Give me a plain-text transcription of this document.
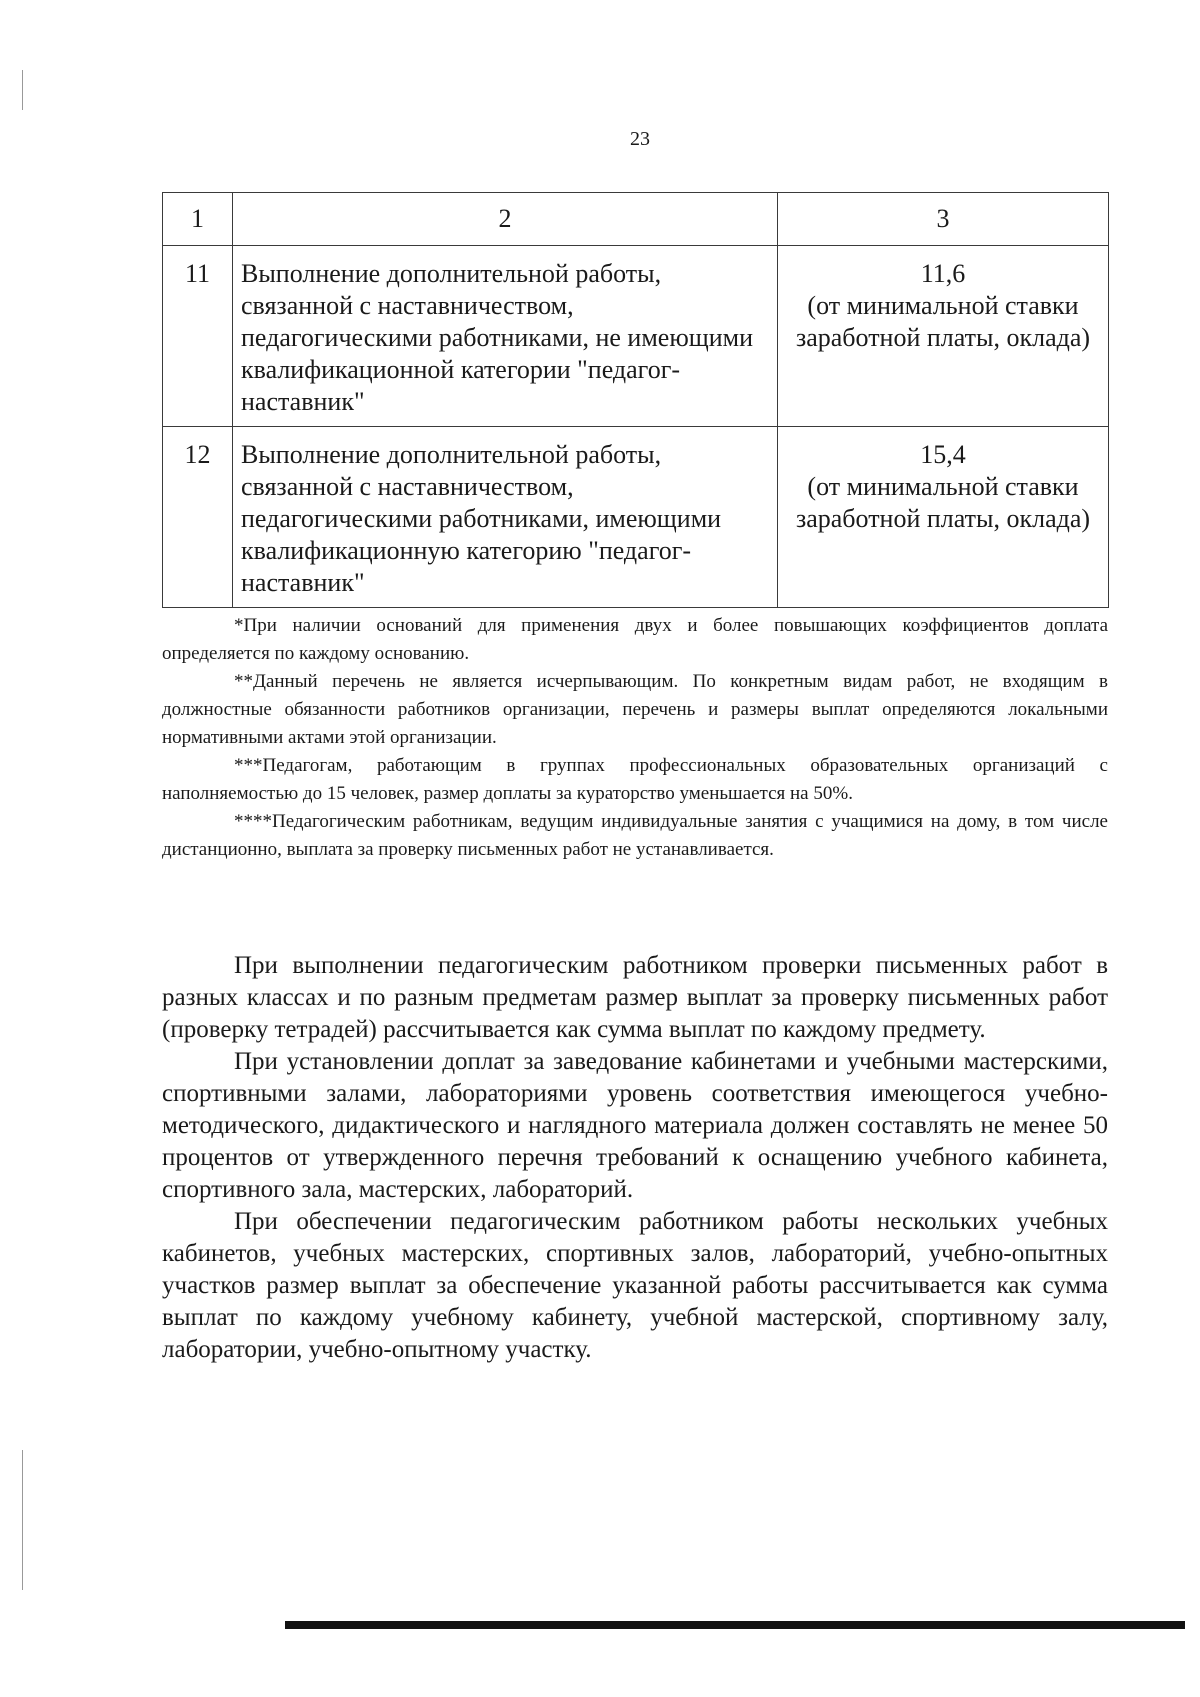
23
1	2	3
11	Выполнение дополнительной работы, связанной с наставничеством, педагогическими работниками, не имеющими квалификационной категории "педагог-наставник"	11,6
(от минимальной ставки заработной платы, оклада)

12	Выполнение дополнительной работы, связанной с наставничеством, педагогическими работниками, имеющими квалификационную категорию "педагог-наставник"	15,4
(от минимальной ставки заработной платы, оклада)

*При наличии оснований для применения двух и более повышающих коэффициентов доплата определяется по каждому основанию.

**Данный перечень не является исчерпывающим. По конкретным видам работ, не входящим в должностные обязанности работников организации, перечень и размеры выплат определяются локальными нормативными актами этой организации.

***Педагогам, работающим в группах профессиональных образовательных организаций с наполняемостью до 15 человек, размер доплаты за кураторство уменьшается на 50%.

****Педагогическим работникам, ведущим индивидуальные занятия с учащимися на дому, в том числе дистанционно, выплата за проверку письменных работ не устанавливается.

При выполнении педагогическим работником проверки письменных работ в разных классах и по разным предметам размер выплат за проверку письменных работ (проверку тетрадей) рассчитывается как сумма выплат по каждому предмету.

При установлении доплат за заведование кабинетами и учебными мастерскими, спортивными залами, лабораториями уровень соответствия имеющегося учебно-методического, дидактического и наглядного материала должен составлять не менее 50 процентов от утвержденного перечня требований к оснащению учебного кабинета, спортивного зала, мастерских, лабораторий.

При обеспечении педагогическим работником работы нескольких учебных кабинетов, учебных мастерских, спортивных залов, лабораторий, учебно-опытных участков размер выплат за обеспечение указанной работы рассчитывается как сумма выплат по каждому учебному кабинету, учебной мастерской, спортивному залу, лаборатории, учебно-опытному участку.
